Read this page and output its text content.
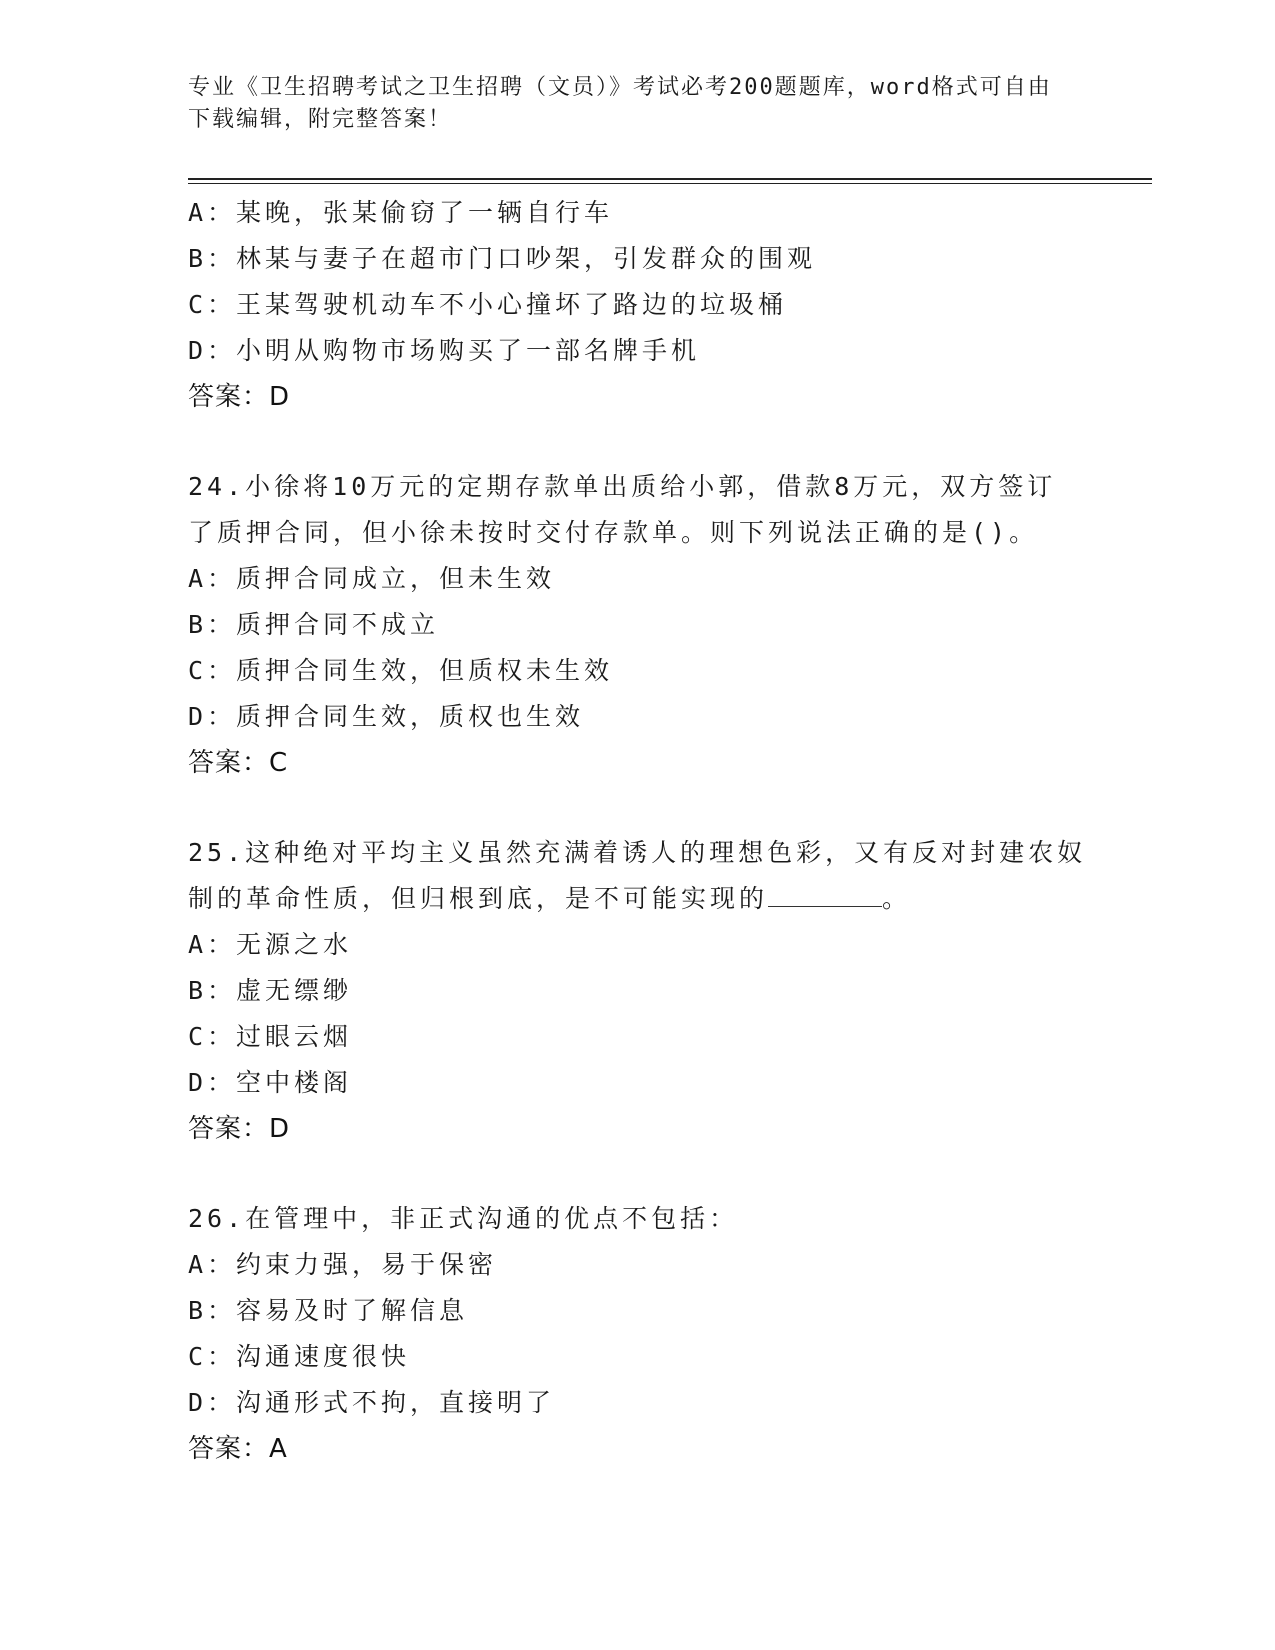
专业《卫生招聘考试之卫生招聘（文员）》考试必考200题题库，word格式可自由下载编辑，附完整答案！
A：某晚，张某偷窃了一辆自行车
B：林某与妻子在超市门口吵架，引发群众的围观
C：王某驾驶机动车不小心撞坏了路边的垃圾桶
D：小明从购物市场购买了一部名牌手机
答案：D
24.小徐将10万元的定期存款单出质给小郭，借款8万元，双方签订
了质押合同，但小徐未按时交付存款单。则下列说法正确的是()。
A：质押合同成立，但未生效
B：质押合同不成立
C：质押合同生效，但质权未生效
D：质押合同生效，质权也生效
答案：C
25.这种绝对平均主义虽然充满着诱人的理想色彩，又有反对封建农奴
制的革命性质，但归根到底，是不可能实现的	。
A：无源之水
B：虚无缥缈
C：过眼云烟
D：空中楼阁
答案：D
26.在管理中，非正式沟通的优点不包括：
A：约束力强，易于保密
B：容易及时了解信息
C：沟通速度很快
D：沟通形式不拘，直接明了
答案：A
